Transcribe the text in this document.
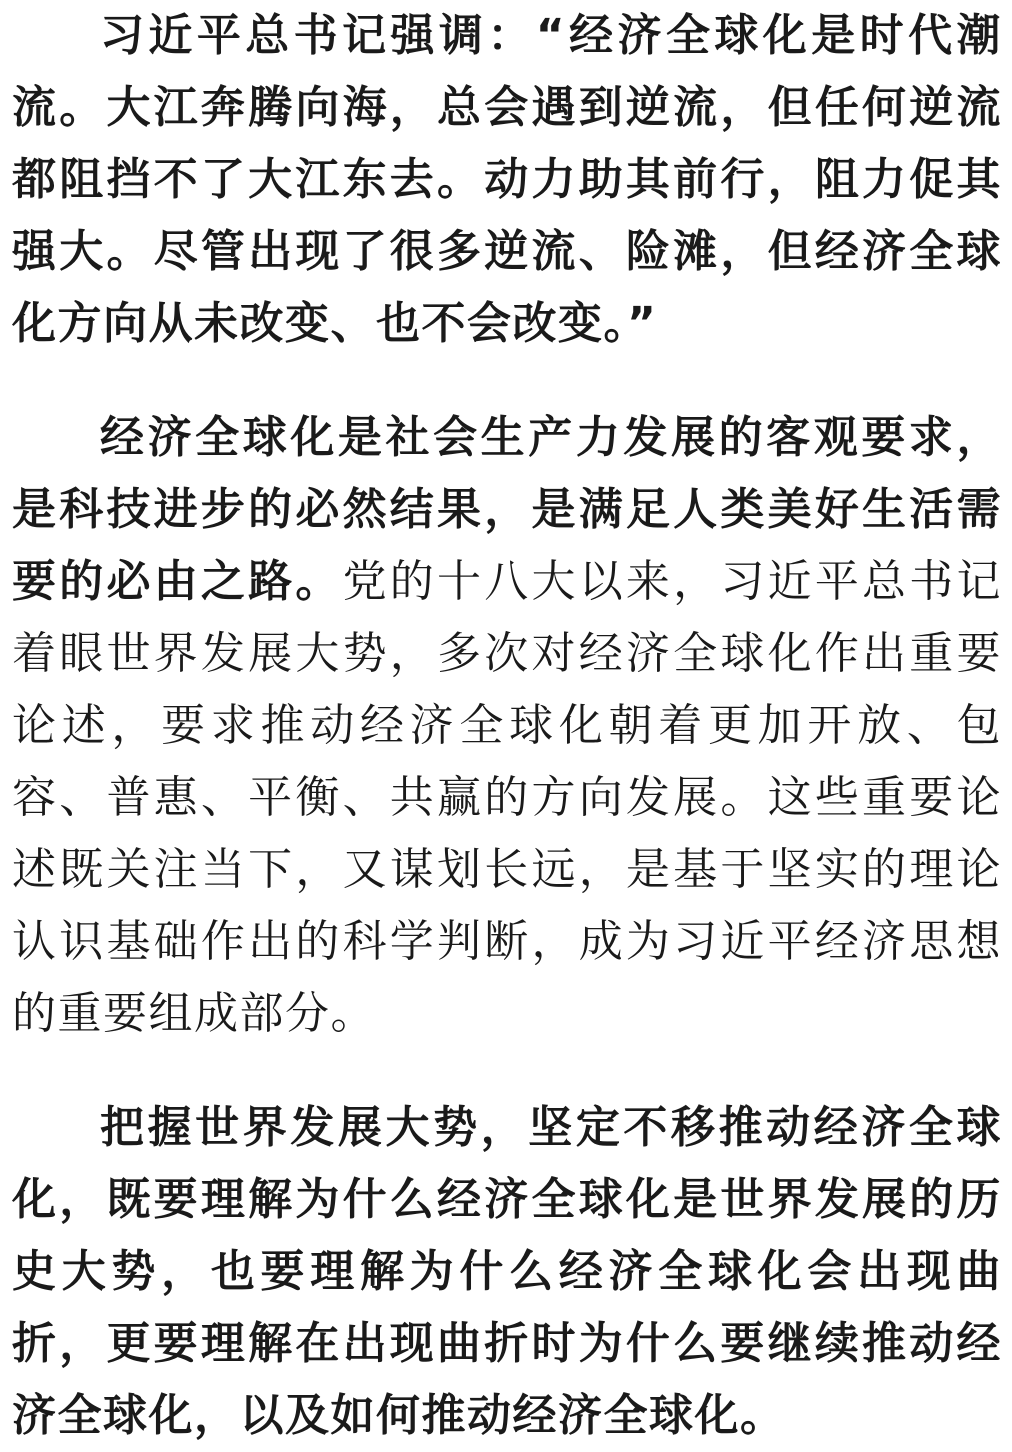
习近平总书记强调：“经济全球化是时代潮流。大江奔腾向海，总会遇到逆流，但任何逆流都阻挡不了大江东去。动力助其前行，阻力促其强大。尽管出现了很多逆流、险滩，但经济全球化方向从未改变、也不会改变。”

经济全球化是社会生产力发展的客观要求，是科技进步的必然结果，是满足人类美好生活需要的必由之路。党的十八大以来，习近平总书记着眼世界发展大势，多次对经济全球化作出重要论述，要求推动经济全球化朝着更加开放、包容、普惠、平衡、共赢的方向发展。这些重要论述既关注当下，又谋划长远，是基于坚实的理论认识基础作出的科学判断，成为习近平经济思想的重要组成部分。

把握世界发展大势，坚定不移推动经济全球化，既要理解为什么经济全球化是世界发展的历史大势，也要理解为什么经济全球化会出现曲折，更要理解在出现曲折时为什么要继续推动经济全球化，以及如何推动经济全球化。
